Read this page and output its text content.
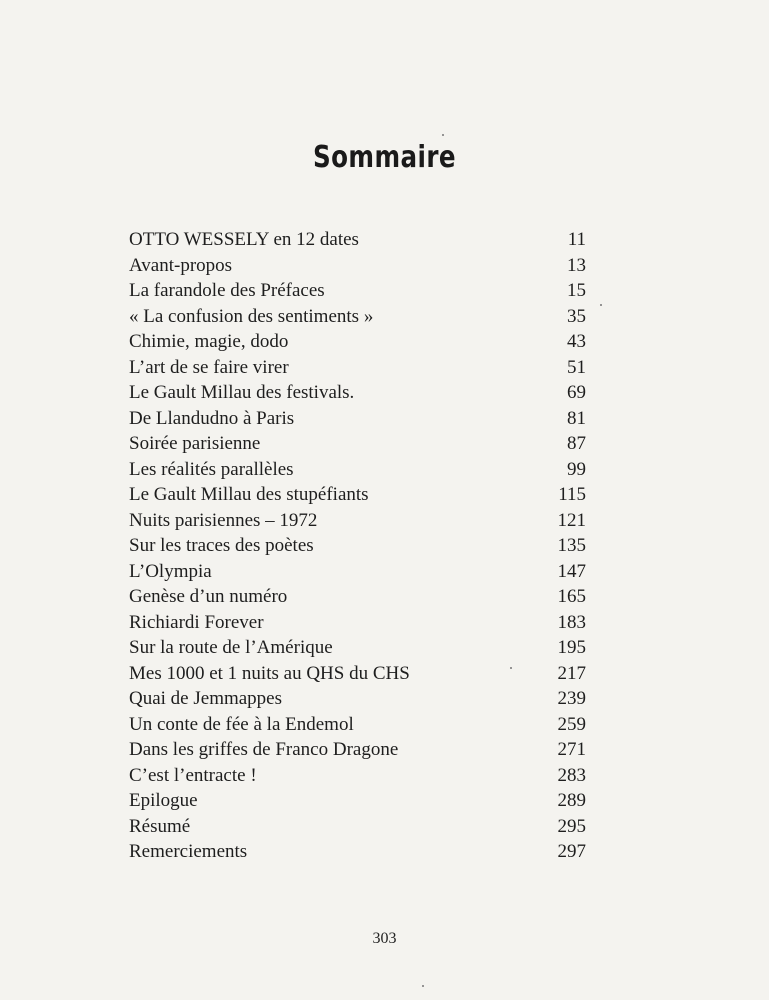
Sommaire
OTTO WESSELY en 12 dates	11
Avant-propos	13
La farandole des Préfaces	15
« La confusion des sentiments »	35
Chimie, magie, dodo	43
L’art de se faire virer	51
Le Gault Millau des festivals.	69
De Llandudno à Paris	81
Soirée parisienne	87
Les réalités parallèles	99
Le Gault Millau des stupéfiants	115
Nuits parisiennes – 1972	121
Sur les traces des poètes	135
L’Olympia	147
Genèse d’un numéro	165
Richiardi Forever	183
Sur la route de l’Amérique	195
Mes 1000 et 1 nuits au QHS du CHS	217
Quai de Jemmappes	239
Un conte de fée à la Endemol	259
Dans les griffes de Franco Dragone	271
C’est l’entracte !	283
Epilogue	289
Résumé	295
Remerciements	297
303
